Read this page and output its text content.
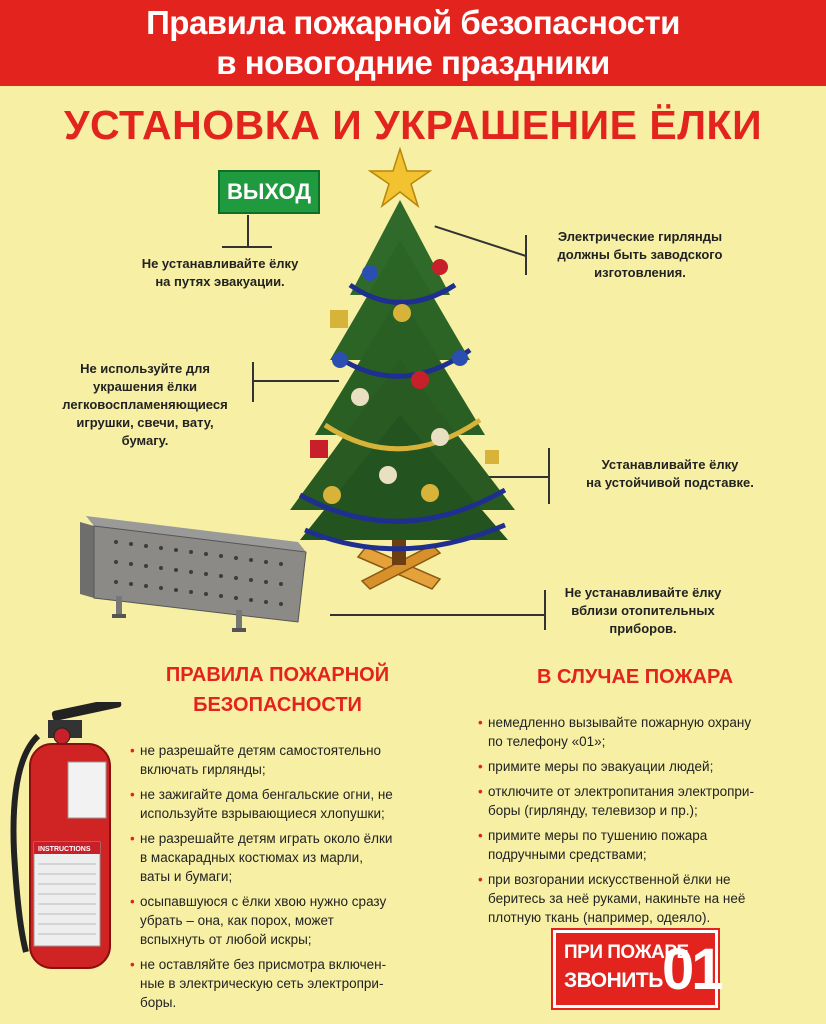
Правила пожарной безопасности
в новогодние праздники
УСТАНОВКА И УКРАШЕНИЕ ЁЛКИ
ВЫХОД
Не устанавливайте ёлку
на путях эвакуации.
Электрические гирлянды
должны быть заводского
изготовления.
Не используйте для
украшения ёлки
легковоспламеняющиеся
игрушки, свечи, вату,
бумагу.
Устанавливайте ёлку
на устойчивой подставке.
Не устанавливайте ёлку
вблизи отопительных
приборов.
INSTRUCTIONS
ПРАВИЛА ПОЖАРНОЙ
БЕЗОПАСНОСТИ
• не разрешайте детям самостоятельно
включать гирлянды;
• не зажигайте дома бенгальские огни, не
используйте взрывающиеся хлопушки;
• не разрешайте детям играть около ёлки
в маскарадных костюмах из марли,
ваты и бумаги;
• осыпавшуюся с ёлки хвою нужно сразу
убрать – она, как порох, может
вспыхнуть от любой искры;
• не оставляйте без присмотра включен-
ные в электрическую сеть электропри-
боры.
В СЛУЧАЕ ПОЖАРА
• немедленно вызывайте пожарную охрану
по телефону «01»;
• примите меры по эвакуации людей;
• отключите от электропитания электропри-
боры (гирлянду, телевизор и пр.);
• примите меры по тушению пожара
подручными средствами;
• при возгорании искусственной ёлки не
беритесь за неё руками, накиньте на неё
плотную ткань (например, одеяло).
ПРИ ПОЖАРЕ
ЗВОНИТЬ 01
